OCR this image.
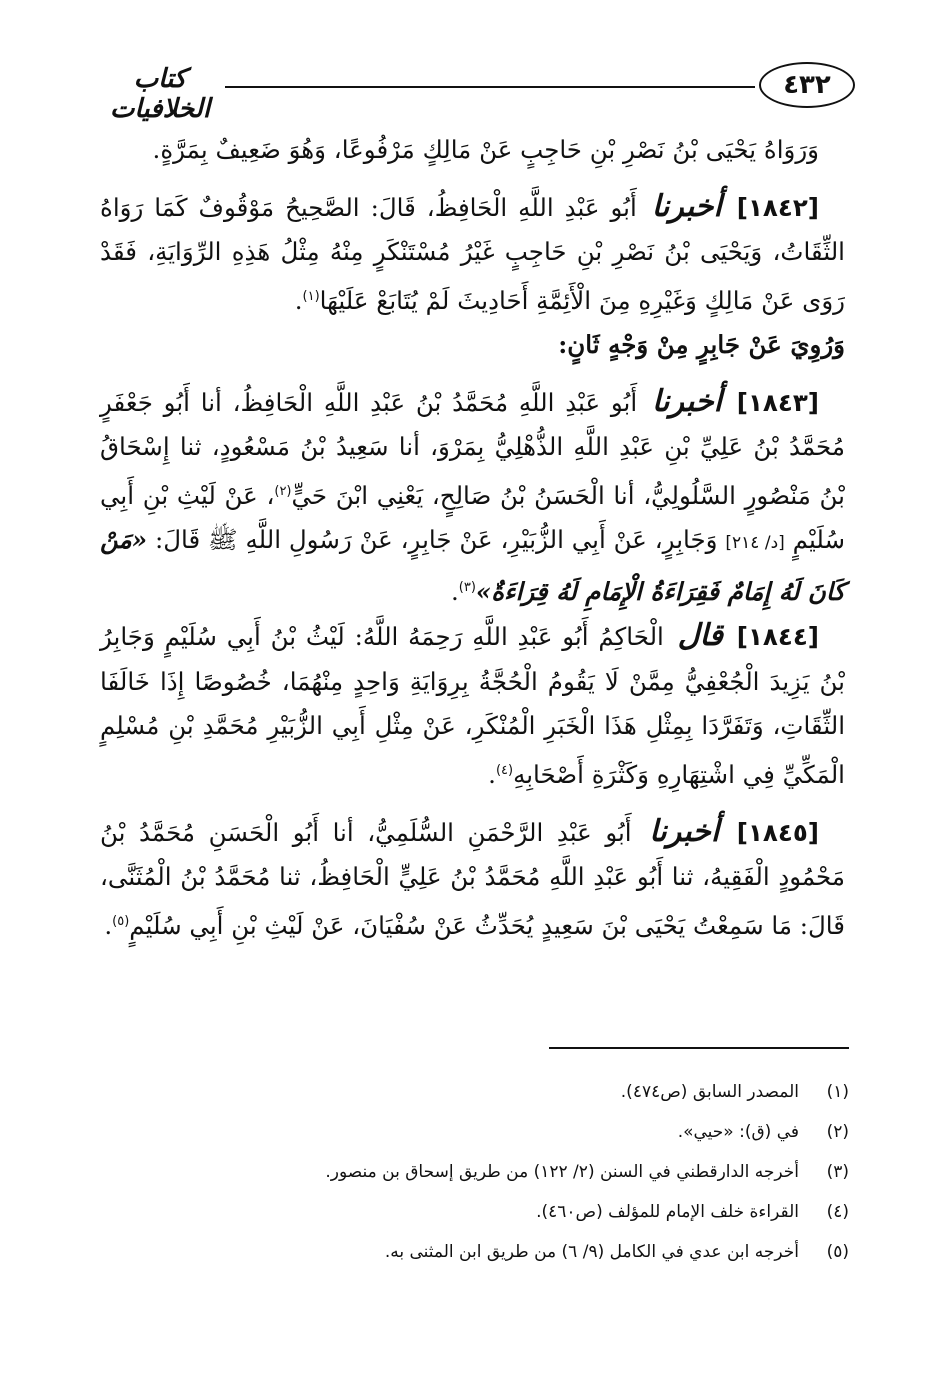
كتاب الخلافيات
٤٣٢

وَرَوَاهُ يَحْيَى بْنُ نَصْرِ بْنِ حَاجِبٍ عَنْ مَالِكٍ مَرْفُوعًا، وَهُوَ ضَعِيفٌ بِمَرَّةٍ.

[١٨٤٢] أخبرنا أَبُو عَبْدِ اللَّهِ الْحَافِظُ، قَالَ: الصَّحِيحُ مَوْقُوفٌ كَمَا رَوَاهُ الثِّقَاتُ، وَيَحْيَى بْنُ نَصْرِ بْنِ حَاجِبٍ غَيْرُ مُسْتَنْكَرٍ مِنْهُ مِثْلُ هَذِهِ الرِّوَايَةِ، فَقَدْ رَوَى عَنْ مَالِكٍ وَغَيْرِهِ مِنَ الْأَئِمَّةِ أَحَادِيثَ لَمْ يُتَابَعْ عَلَيْهَا$^{(١)}$.

وَرُوِيَ عَنْ جَابِرٍ مِنْ وَجْهٍ ثَانٍ:

[١٨٤٣] أخبرنا أَبُو عَبْدِ اللَّهِ مُحَمَّدُ بْنُ عَبْدِ اللَّهِ الْحَافِظُ، أنا أَبُو جَعْفَرٍ مُحَمَّدُ بْنُ عَلِيِّ بْنِ عَبْدِ اللَّهِ الذُّهْلِيُّ بِمَرْوَ، أنا سَعِيدُ بْنُ مَسْعُودٍ، ثنا إِسْحَاقُ بْنُ مَنْصُورٍ السَّلُولِيُّ، أنا الْحَسَنُ بْنُ صَالِحٍ، يَعْنِي ابْنَ حَيٍّ$^{(٢)}$، عَنْ لَيْثِ بْنِ أَبِي سُلَيْمٍ [د/ ٢١٤] وَجَابِرٍ، عَنْ أَبِي الزُّبَيْرِ، عَنْ جَابِرٍ، عَنْ رَسُولِ اللَّهِ ﷺ قَالَ: «مَنْ كَانَ لَهُ إِمَامٌ فَقِرَاءَةُ الْإِمَامِ لَهُ قِرَاءَةٌ»$^{(٣)}$.

[١٨٤٤] قال الْحَاكِمُ أَبُو عَبْدِ اللَّهِ رَحِمَهُ اللَّهُ: لَيْثُ بْنُ أَبِي سُلَيْمٍ وَجَابِرُ بْنُ يَزِيدَ الْجُعْفِيُّ مِمَّنْ لَا يَقُومُ الْحُجَّةُ بِرِوَايَةِ وَاحِدٍ مِنْهُمَا، خُصُوصًا إِذَا خَالَفَا الثِّقَاتِ، وَتَفَرَّدَا بِمِثْلِ هَذَا الْخَبَرِ الْمُنْكَرِ، عَنْ مِثْلِ أَبِي الزُّبَيْرِ مُحَمَّدِ بْنِ مُسْلِمٍ الْمَكِّيِّ فِي اشْتِهَارِهِ وَكَثْرَةِ أَصْحَابِهِ$^{(٤)}$.

[١٨٤٥] أخبرنا أَبُو عَبْدِ الرَّحْمَنِ السُّلَمِيُّ، أنا أَبُو الْحَسَنِ مُحَمَّدُ بْنُ مَحْمُودٍ الْفَقِيهُ، ثنا أَبُو عَبْدِ اللَّهِ مُحَمَّدُ بْنُ عَلِيٍّ الْحَافِظُ، ثنا مُحَمَّدُ بْنُ الْمُثَنَّى، قَالَ: مَا سَمِعْتُ يَحْيَى بْنَ سَعِيدٍ يُحَدِّثُ عَنْ سُفْيَانَ، عَنْ لَيْثِ بْنِ أَبِي سُلَيْمٍ$^{(٥)}$.

(١)
المصدر السابق (ص٤٧٤).
(٢)
في (ق): «حيي».
(٣)
أخرجه الدارقطني في السنن (٢/ ١٢٢) من طريق إسحاق بن منصور.
(٤)
القراءة خلف الإمام للمؤلف (ص٤٦٠).
(٥)
أخرجه ابن عدي في الكامل (٩/ ٦) من طريق ابن المثنى به.
